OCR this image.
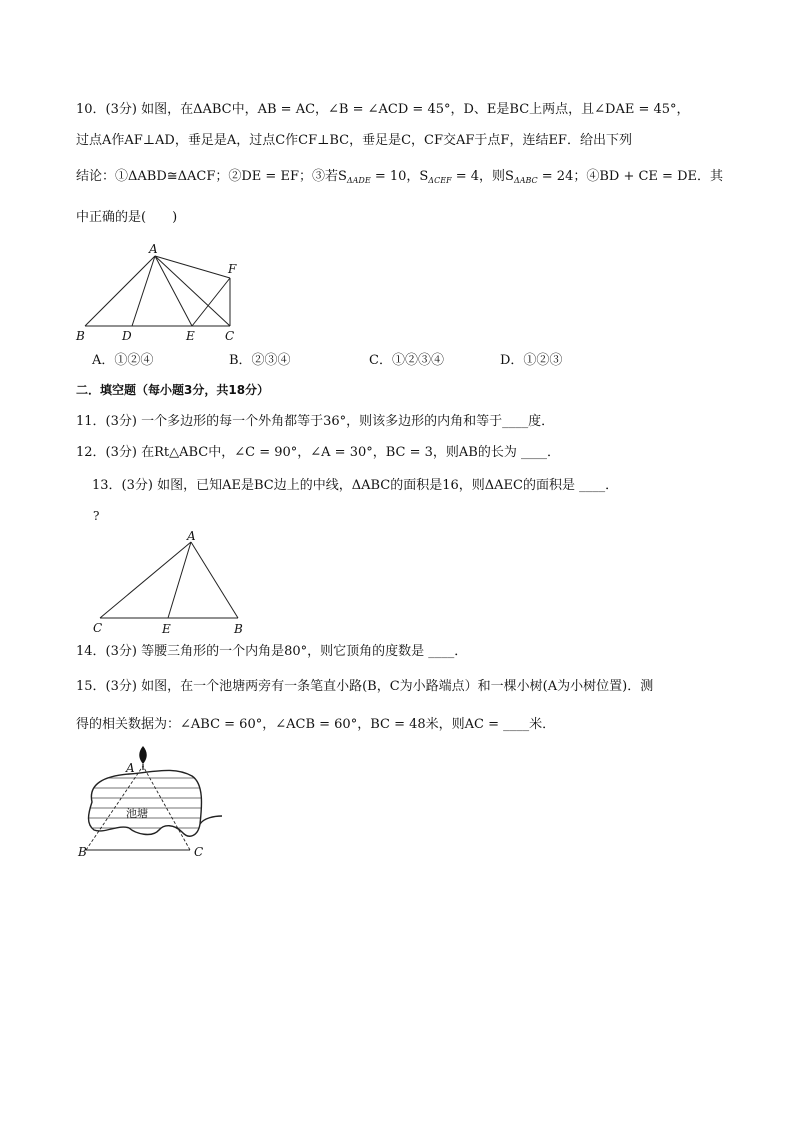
10．(3分) 如图，在ΔABC中，AB = AC，∠B = ∠ACD = 45°，D、E是BC上两点，且∠DAE = 45°，
过点A作AF⊥AD，垂足是A，过点C作CF⊥BC，垂足是C，CF交AF于点F，连结EF．给出下列
结论：①ΔABD≅ΔACF；②DE = EF；③若$S_{\Delta ADE} = 10$，$S_{\Delta CEF} = 4$，则$S_{\Delta ABC} = 24$；④BD + CE = DE．其
中正确的是(　　)
A
F
B	D	E	C
A．①②④	B．②③④	C．①②③④	D．①②③
二．填空题（每小题3分，共18分）
11．(3分) 一个多边形的每一个外角都等于36°，则该多边形的内角和等于____度．
12．(3分) 在Rt△ABC中，∠C = 90°，∠A = 30°，BC = 3，则AB的长为 ____．
13．(3分) 如图，已知AE是BC边上的中线，ΔABC的面积是16，则ΔAEC的面积是 ____．
?
A
C	E	B
14．(3分) 等腰三角形的一个内角是80°，则它顶角的度数是 ____．
15．(3分) 如图，在一个池塘两旁有一条笔直小路(B，C为小路端点）和一棵小树(A为小树位置)．测
得的相关数据为：∠ABC = 60°，∠ACB = 60°，BC = 48米，则AC = ____米．
池塘
A
B	C
